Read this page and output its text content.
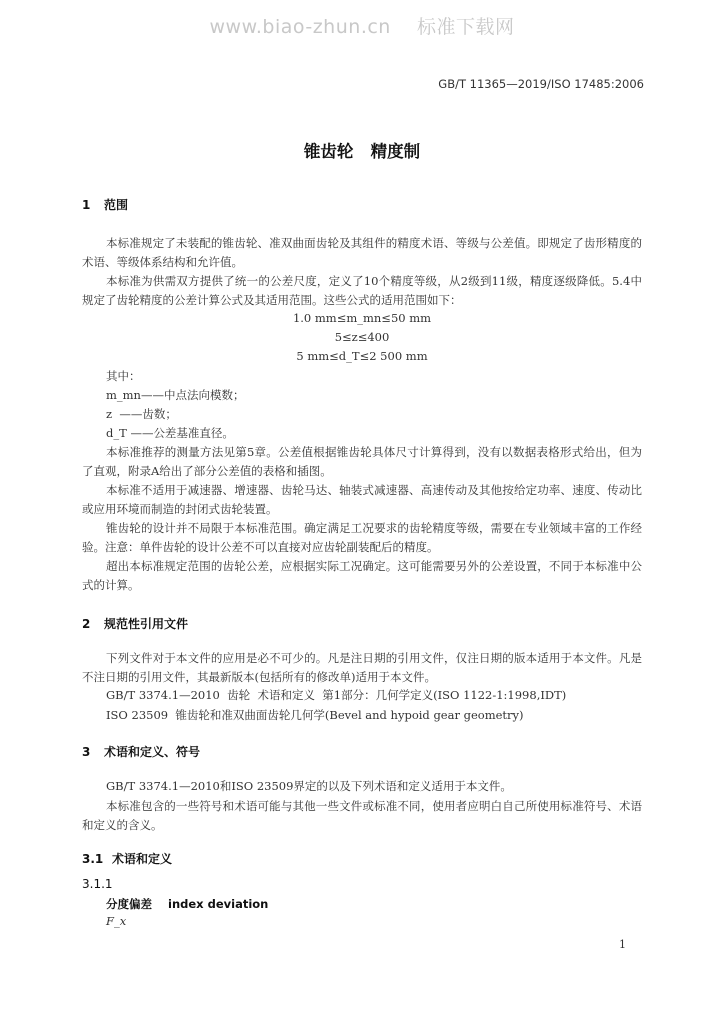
www.biao-zhun.cn    标准下载网
GB/T 11365—2019/ISO 17485:2006
锥齿轮   精度制
1 范围
本标准规定了未装配的锥齿轮、准双曲面齿轮及其组件的精度术语、等级与公差值。即规定了齿形精度的术语、等级体系结构和允许值。
本标准为供需双方提供了统一的公差尺度，定义了10个精度等级，从2级到11级，精度逐级降低。5.4中规定了齿轮精度的公差计算公式及其适用范围。这些公式的适用范围如下：
1.0 mm≤m_mn≤50 mm
5≤z≤400
5 mm≤d_T≤2 500 mm
其中：
m_mn——中点法向模数；
z  ——齿数；
d_T ——公差基准直径。
本标准推荐的测量方法见第5章。公差值根据锥齿轮具体尺寸计算得到，没有以数据表格形式给出，但为了直观，附录A给出了部分公差值的表格和插图。
本标准不适用于减速器、增速器、齿轮马达、轴装式减速器、高速传动及其他按给定功率、速度、传动比或应用环境而制造的封闭式齿轮装置。
锥齿轮的设计并不局限于本标准范围。确定满足工况要求的齿轮精度等级，需要在专业领域丰富的工作经验。注意：单件齿轮的设计公差不可以直接对应齿轮副装配后的精度。
超出本标准规定范围的齿轮公差，应根据实际工况确定。这可能需要另外的公差设置，不同于本标准中公式的计算。
2 规范性引用文件
下列文件对于本文件的应用是必不可少的。凡是注日期的引用文件，仅注日期的版本适用于本文件。凡是不注日期的引用文件，其最新版本(包括所有的修改单)适用于本文件。
GB/T 3374.1—2010  齿轮  术语和定义  第1部分：几何学定义(ISO 1122-1:1998,IDT)
ISO 23509  锥齿轮和准双曲面齿轮几何学(Bevel and hypoid gear geometry)
3 术语和定义、符号
GB/T 3374.1—2010和ISO 23509界定的以及下列术语和定义适用于本文件。
本标准包含的一些符号和术语可能与其他一些文件或标准不同，使用者应明白自己所使用标准符号、术语和定义的含义。
3.1 术语和定义
3.1.1
分度偏差    index deviation
F_x
1
